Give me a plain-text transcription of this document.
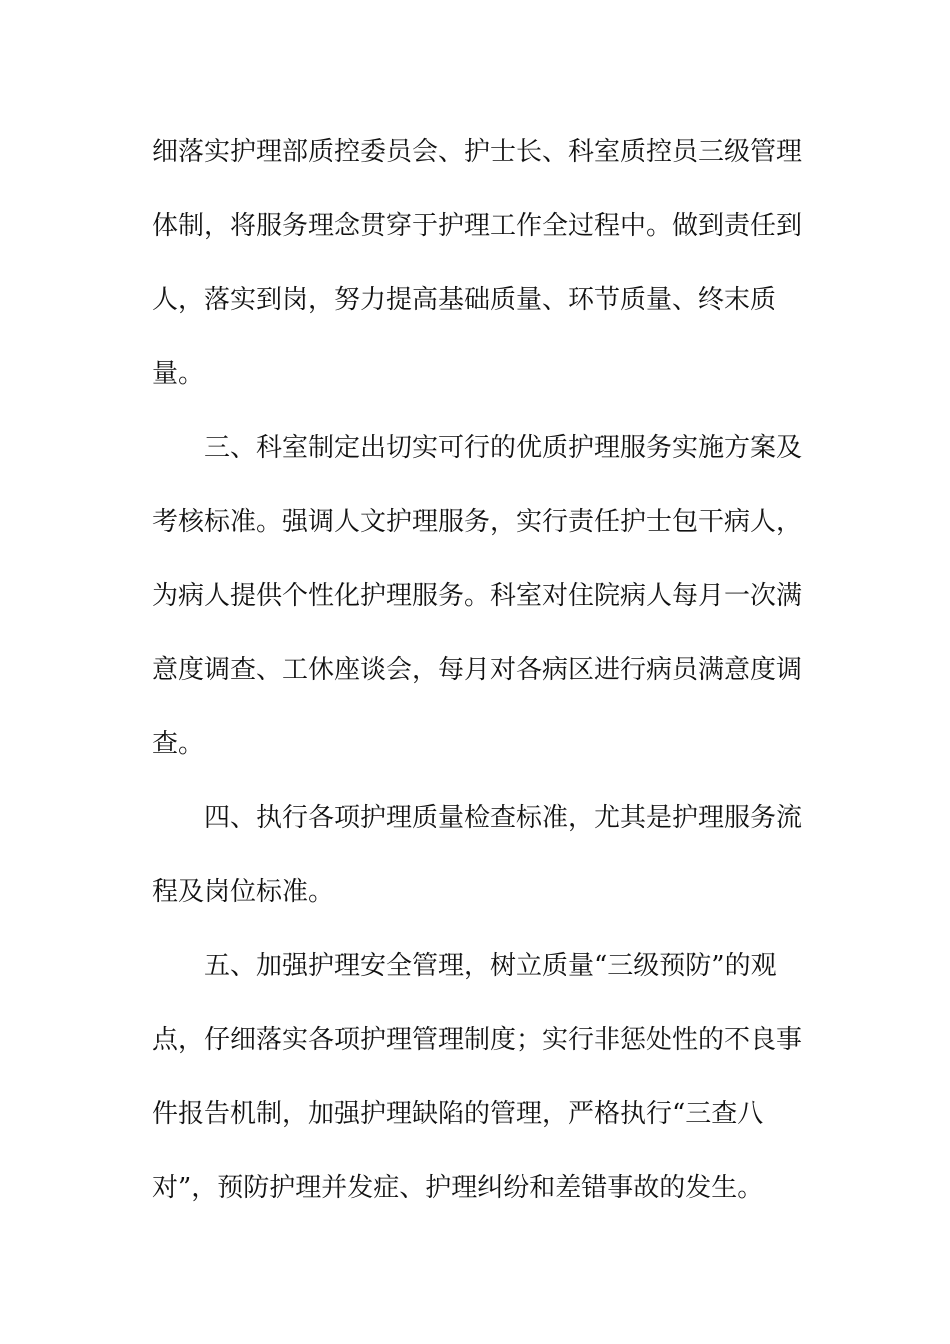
细落实护理部质控委员会、护士长、科室质控员三级管理
体制，将服务理念贯穿于护理工作全过程中。做到责任到
人，落实到岗，努力提高基础质量、环节质量、终末质
量。
三、科室制定出切实可行的优质护理服务实施方案及
考核标准。强调人文护理服务，实行责任护士包干病人，
为病人提供个性化护理服务。科室对住院病人每月一次满
意度调查、工休座谈会，每月对各病区进行病员满意度调
查。
四、执行各项护理质量检查标准，尤其是护理服务流
程及岗位标准。
五、加强护理安全管理，树立质量“三级预防”的观
点，仔细落实各项护理管理制度；实行非惩处性的不良事
件报告机制，加强护理缺陷的管理，严格执行“三查八
对”，预防护理并发症、护理纠纷和差错事故的发生。
